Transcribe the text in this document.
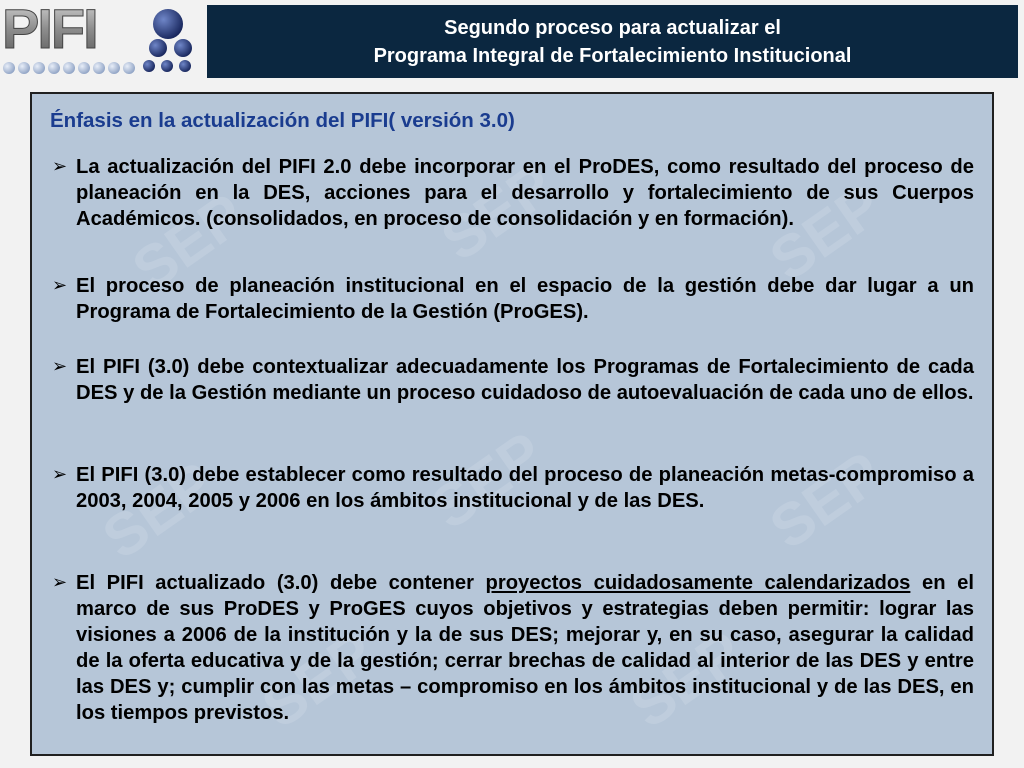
PIFI	Segundo proceso para actualizar el
Programa Integral de Fortalecimiento Institucional
SEP	SEP	SEP
SEP	SEP	SEP
SEP	SEP
Énfasis en la actualización del PIFI( versión 3.0)
➢ La actualización del PIFI 2.0 debe incorporar en el ProDES, como resultado del proceso de planeación en la DES, acciones para el desarrollo y fortalecimiento de sus Cuerpos Académicos. (consolidados, en proceso de consolidación y en formación).
➢ El proceso de planeación institucional en el espacio de la gestión debe dar lugar a un Programa de Fortalecimiento de la Gestión (ProGES).
➢ El PIFI (3.0) debe contextualizar adecuadamente los Programas de Fortalecimiento de cada DES y de la Gestión mediante un proceso cuidadoso de autoevaluación de cada uno de ellos.
➢ El PIFI (3.0) debe establecer como resultado del proceso de planeación metas-compromiso a 2003, 2004, 2005 y 2006 en los ámbitos institucional y de las DES.
➢ El PIFI actualizado (3.0) debe contener proyectos cuidadosamente calendarizados en el marco de sus ProDES y ProGES cuyos objetivos y estrategias deben permitir: lograr las visiones a 2006 de la institución y la de sus DES; mejorar y, en su caso, asegurar la calidad de la oferta educativa y de la gestión; cerrar brechas de calidad al interior de las DES y entre las DES y; cumplir con las metas – compromiso en los ámbitos institucional y de las DES, en los tiempos previstos.
